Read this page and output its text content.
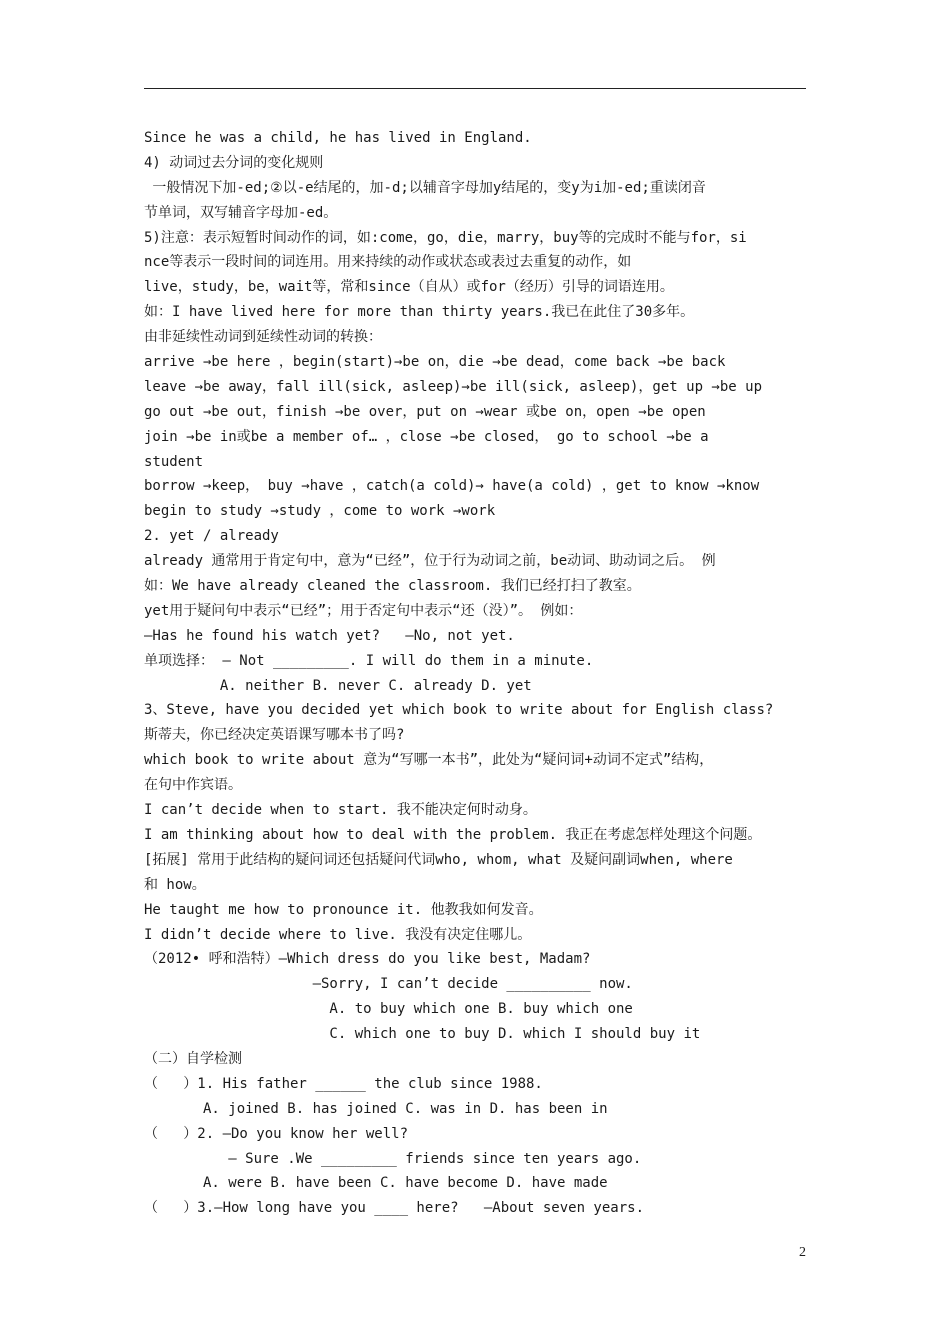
Since he was a child, he has lived in England.
4) 动词过去分词的变化规则
一般情况下加-ed;②以-e结尾的，加-d;以辅音字母加y结尾的，变y为i加-ed;重读闭音
节单词，双写辅音字母加-ed。
5)注意：表示短暂时间动作的词，如:come，go，die，marry，buy等的完成时不能与for，si
nce等表示一段时间的词连用。用来持续的动作或状态或表过去重复的动作，如
live，study，be，wait等，常和since（自从）或for（经历）引导的词语连用。
如：I have lived here for more than thirty years.我已在此住了30多年。
由非延续性动词到延续性动词的转换：
arrive →be here ，begin(start)→be on，die →be dead，come back →be back
leave →be away，fall ill(sick, asleep)→be ill(sick, asleep)，get up →be up
go out →be out，finish →be over，put on →wear 或be on，open →be open
join →be in或be a member of… ，close →be closed， go to school →be a
student
borrow →keep， buy →have ，catch(a cold)→ have(a cold) ，get to know →know
begin to study →study ，come to work →work
2. yet / already
already 通常用于肯定句中，意为“已经”，位于行为动词之前，be动词、助动词之后。 例
如：We have already cleaned the classroom. 我们已经打扫了教室。
yet用于疑问句中表示“已经”；用于否定句中表示“还（没）”。 例如：
—Has he found his watch yet?   —No, not yet.
单项选择： — Not _________. I will do them in a minute.
A. neither B. never C. already D. yet
3、Steve, have you decided yet which book to write about for English class?
斯蒂夫，你已经决定英语课写哪本书了吗?
which book to write about 意为“写哪一本书”，此处为“疑问词+动词不定式”结构，
在句中作宾语。
I can’t decide when to start. 我不能决定何时动身。
I am thinking about how to deal with the problem. 我正在考虑怎样处理这个问题。
[拓展] 常用于此结构的疑问词还包括疑问代词who, whom, what 及疑问副词when, where
和 how。
He taught me how to pronounce it. 他教我如何发音。
I didn’t decide where to live. 我没有决定住哪儿。
（2012• 呼和浩特）—Which dress do you like best, Madam?
—Sorry, I can’t decide __________ now.
A. to buy which one B. buy which one
C. which one to buy D. which I should buy it
（二）自学检测
（   ）1. His father ______ the club since 1988.
A. joined B. has joined C. was in D. has been in
（   ）2. —Do you know her well?
— Sure .We _________ friends since ten years ago.
A. were B. have been C. have become D. have made
（   ）3.—How long have you ____ here?   —About seven years.
2
